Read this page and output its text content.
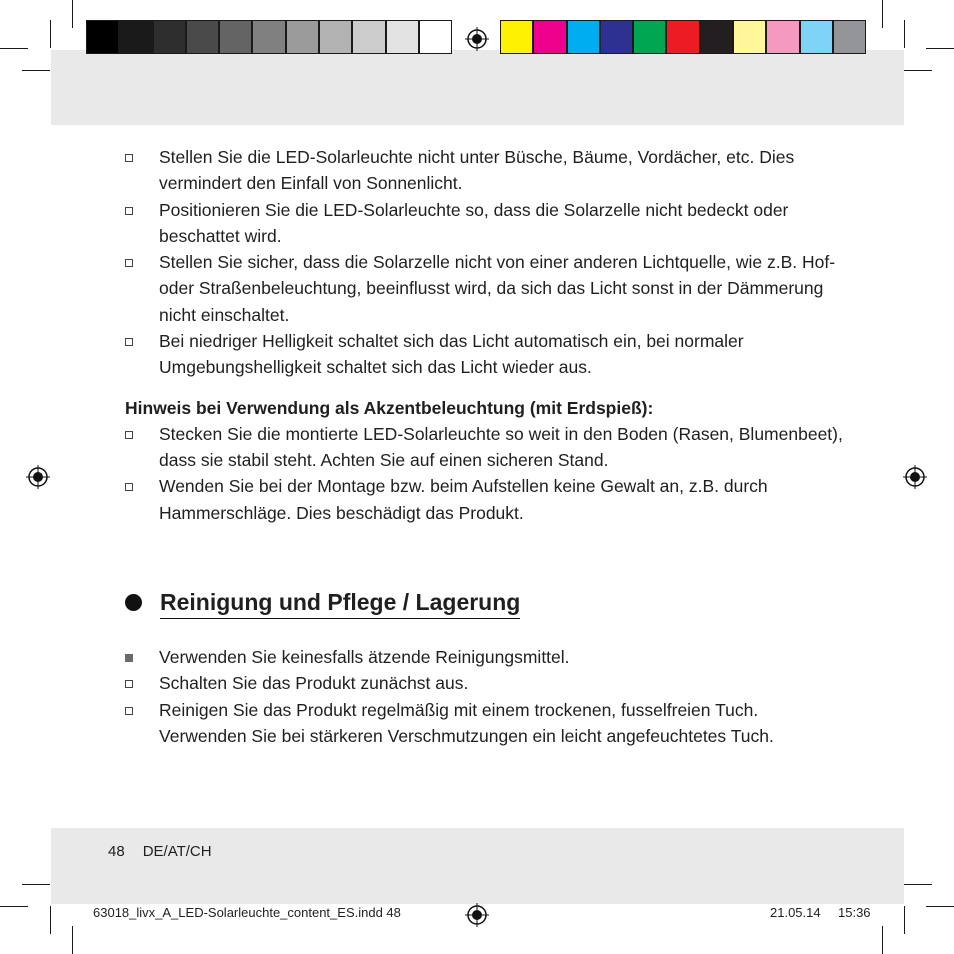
Stellen Sie die LED-Solarleuchte nicht unter Büsche, Bäume, Vordächer, etc. Dies vermindert den Einfall von Sonnenlicht.
Positionieren Sie die LED-Solarleuchte so, dass die Solarzelle nicht bedeckt oder beschattet wird.
Stellen Sie sicher, dass die Solarzelle nicht von einer anderen Lichtquelle, wie z.B. Hof- oder Straßenbeleuchtung, beeinflusst wird, da sich das Licht sonst in der Dämmerung nicht einschaltet.
Bei niedriger Helligkeit schaltet sich das Licht automatisch ein, bei normaler Umgebungshelligkeit schaltet sich das Licht wieder aus.
Hinweis bei Verwendung als Akzentbeleuchtung (mit Erdspieß):
Stecken Sie die montierte LED-Solarleuchte so weit in den Boden (Rasen, Blumenbeet), dass sie stabil steht. Achten Sie auf einen sicheren Stand.
Wenden Sie bei der Montage bzw. beim Aufstellen keine Gewalt an, z.B. durch Hammerschläge. Dies beschädigt das Produkt.
Reinigung und Pflege / Lagerung
Verwenden Sie keinesfalls ätzende Reinigungsmittel.
Schalten Sie das Produkt zunächst aus.
Reinigen Sie das Produkt regelmäßig mit einem trockenen, fusselfreien Tuch. Verwenden Sie bei stärkeren Verschmutzungen ein leicht angefeuchtetes Tuch.
48 DE/AT/CH
63018_livx_A_LED-Solarleuchte_content_ES.indd 48	21.05.14 15:36
